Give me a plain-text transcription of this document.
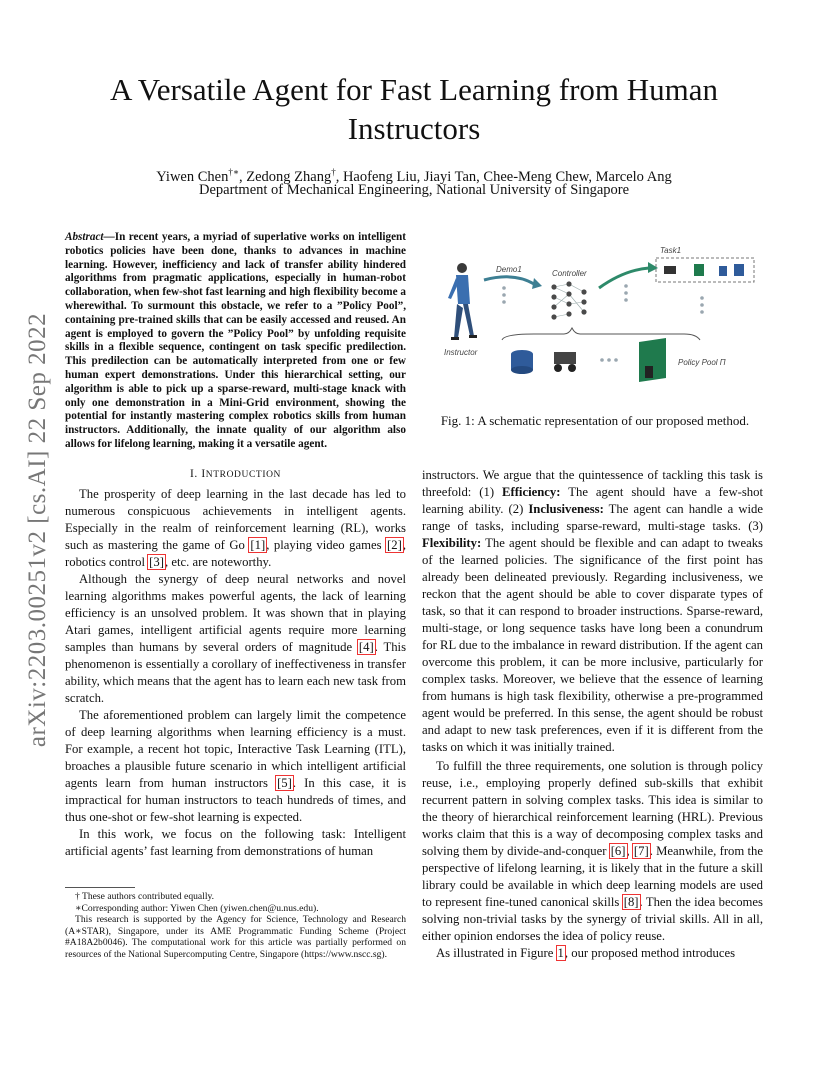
arXiv:2203.00251v2 [cs.AI] 22 Sep 2022
A Versatile Agent for Fast Learning from Human Instructors
Yiwen Chen†∗, Zedong Zhang†, Haofeng Liu, Jiayi Tan, Chee-Meng Chew, Marcelo Ang
Department of Mechanical Engineering, National University of Singapore

Abstract—In recent years, a myriad of superlative works on intelligent robotics policies have been done, thanks to advances in machine learning. However, inefficiency and lack of transfer ability hindered algorithms from pragmatic applications, especially in human-robot collaboration, when few-shot fast learning and high flexibility become a wherewithal. To surmount this obstacle, we refer to a ”Policy Pool”, containing pre-trained skills that can be easily accessed and reused. An agent is employed to govern the ”Policy Pool” by unfolding requisite skills in a flexible sequence, contingent on task specific predilection. This predilection can be automatically interpreted from one or few human expert demonstrations. Under this hierarchical setting, our algorithm is able to pick up a sparse-reward, multi-stage knack with only one demonstration in a Mini-Grid environment, showing the potential for instantly mastering complex robotics skills from human instructors. Additionally, the innate quality of our algorithm also allows for lifelong learning, making it a versatile agent.

I. INTRODUCTION

The prosperity of deep learning in the last decade has led to numerous conspicuous achievements in intelligent agents. Especially in the realm of reinforcement learning (RL), works such as mastering the game of Go [1], playing video games [2], robotics control [3], etc. are noteworthy.

Although the synergy of deep neural networks and novel learning algorithms makes powerful agents, the lack of learning efficiency is an unsolved problem. It was shown that in playing Atari games, intelligent artificial agents require more learning samples than humans by several orders of magnitude [4]. This phenomenon is essentially a corollary of ineffectiveness in transfer ability, which means that the agent has to learn each new task from scratch.

The aforementioned problem can largely limit the competence of deep learning algorithms when learning efficiency is a must. For example, a recent hot topic, Interactive Task Learning (ITL), broaches a plausible future scenario in which intelligent artificial agents learn from human instructors [5]. In this case, it is impractical for human instructors to teach hundreds of times, and thus one-shot or few-shot learning is expected.

In this work, we focus on the following task: Intelligent artificial agents’ fast learning from demonstrations of human

† These authors contributed equally.

∗Corresponding author: Yiwen Chen (yiwen.chen@u.nus.edu).

This research is supported by the Agency for Science, Technology and Research (A∗STAR), Singapore, under its AME Programmatic Funding Scheme (Project #A18A2b0046). The computational work for this article was partially performed on resources of the National Supercomputing Centre, Singapore (https://www.nscc.sg).

Instructor
Demo1	Controller
Task1
Policy Pool Π
Fig. 1: A schematic representation of our proposed method.

instructors. We argue that the quintessence of tackling this task is threefold: (1) Efficiency: The agent should have a few-shot learning ability. (2) Inclusiveness: The agent can handle a wide range of tasks, including sparse-reward, multi-stage tasks. (3) Flexibility: The agent should be flexible and can adapt to tweaks of the learned policies. The significance of the first point has already been delineated previously. Regarding inclusiveness, we reckon that the agent should be able to cover disparate types of task, so that it can respond to broader instructions. Sparse-reward, multi-stage, or long sequence tasks have long been a conundrum for RL due to the imbalance in reward distribution. If the agent can overcome this problem, it can be more inclusive, particularly for complex tasks. Moreover, we believe that the essence of learning from humans is high task flexibility, otherwise a pre-programmed agent would be preferred. In this sense, the agent should be robust and adapt to new task preferences, even if it is different from the tasks on which it was initially trained.

To fulfill the three requirements, one solution is through policy reuse, i.e., employing properly defined sub-skills that exhibit recurrent pattern in solving complex tasks. This idea is similar to the theory of hierarchical reinforcement learning (HRL). Previous works claim that this is a way of decomposing complex tasks and solving them by divide-and-conquer [6], [7]. Meanwhile, from the perspective of lifelong learning, it is likely that in the future a skill library could be available in which deep learning models are used to represent fine-tuned canonical skills [8]. Then the idea becomes solving non-trivial tasks by the synergy of trivial skills. All in all, either opinion endorses the idea of policy reuse.

As illustrated in Figure 1, our proposed method introduces
